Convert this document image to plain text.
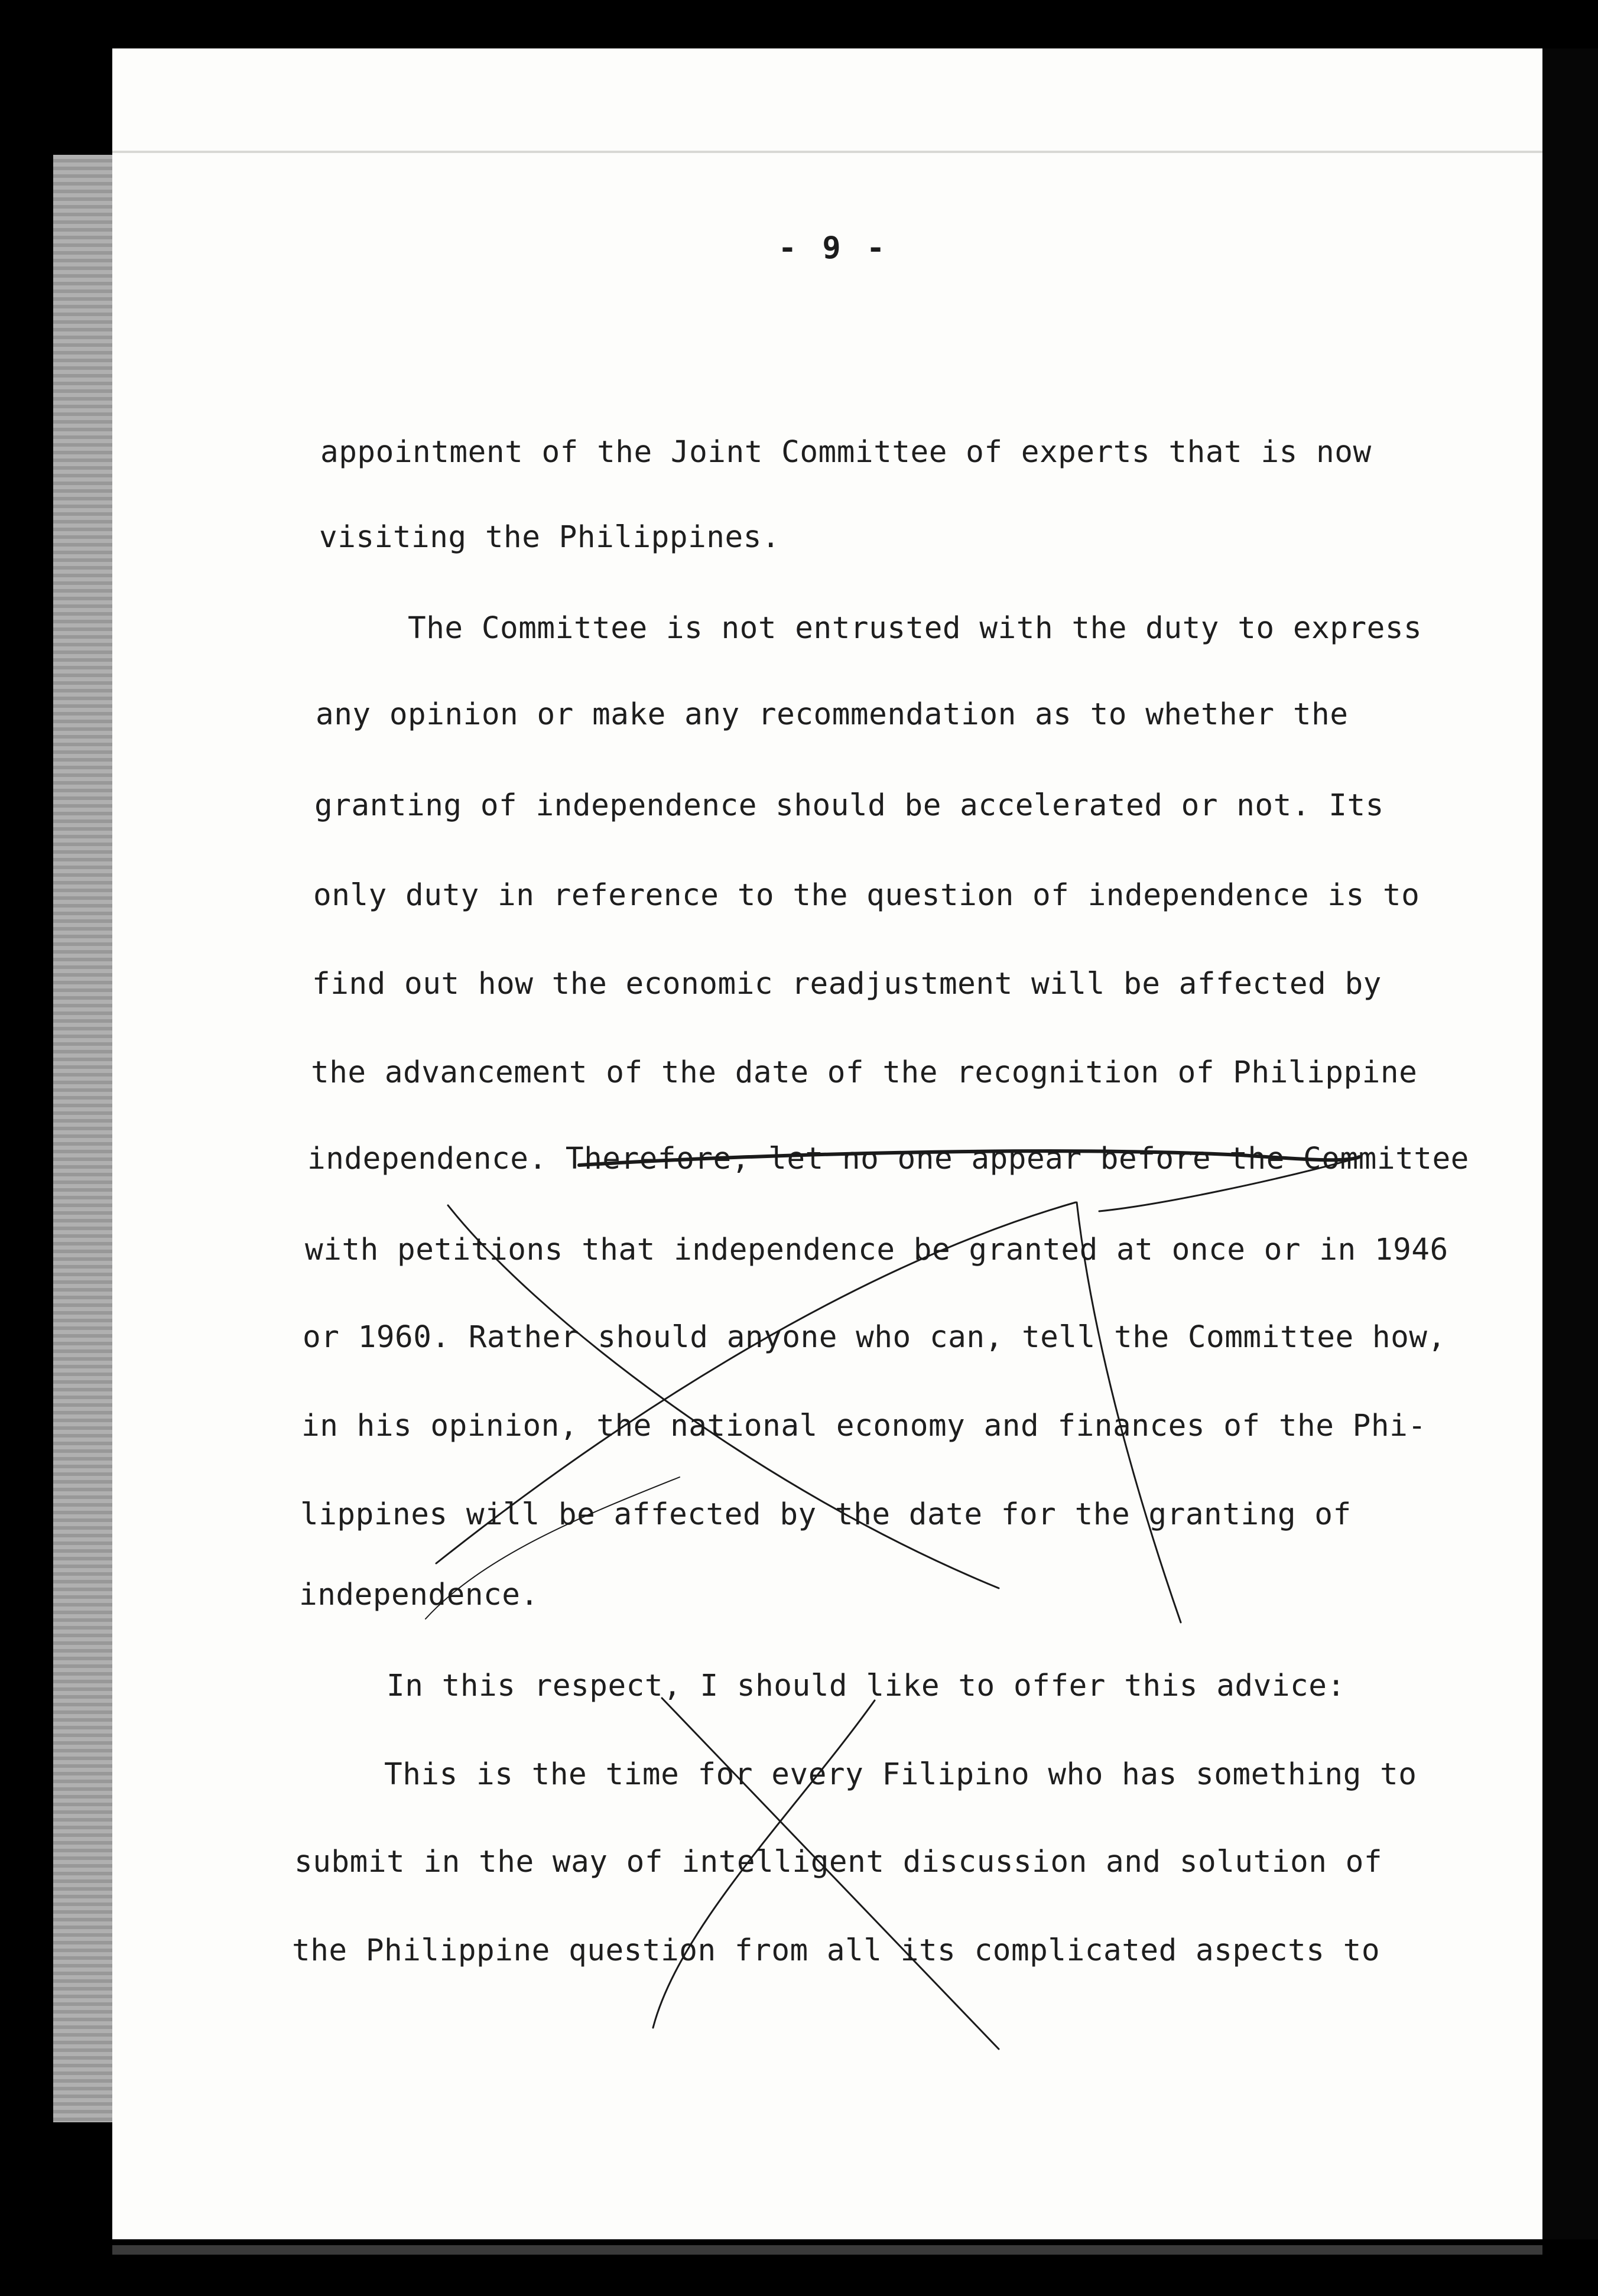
- 9 -
appointment of the Joint Committee of experts that is now
visiting the Philippines.
The Committee is not entrusted with the duty to express
any opinion or make any recommendation as to whether the
granting of independence should be accelerated or not. Its
only duty in reference to the question of independence is to
find out how the economic readjustment will be affected by
the advancement of the date of the recognition of Philippine
independence. Therefore, let no one appear before the Committee
with petitions that independence be granted at once or in 1946
or 1960. Rather should anyone who can, tell the Committee how,
in his opinion, the national economy and finances of the Phi-
lippines will be affected by the date for the granting of
independence.
In this respect, I should like to offer this advice:
This is the time for every Filipino who has something to
submit in the way of intelligent discussion and solution of
the Philippine question from all its complicated aspects to
